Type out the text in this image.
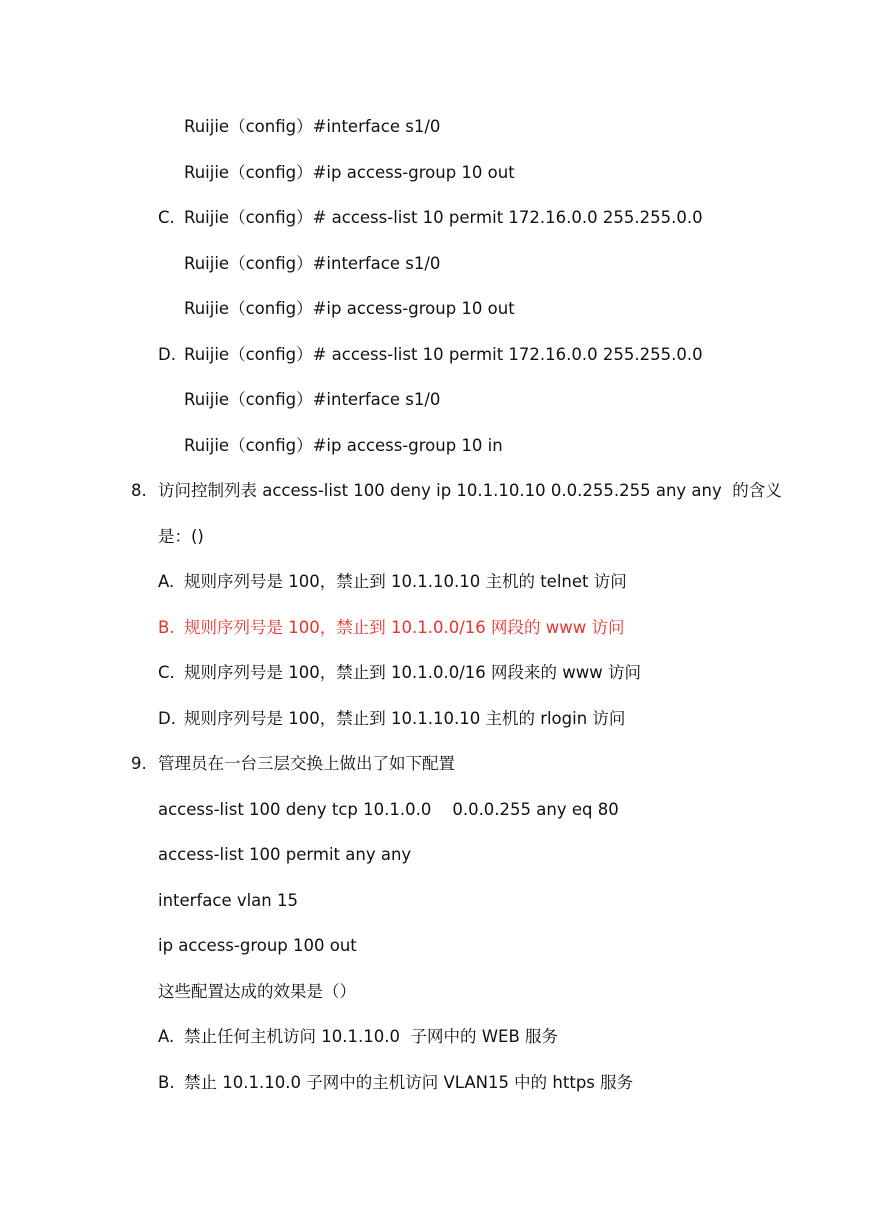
Ruijie（config）#interface s1/0
Ruijie（config）#ip access-group 10 out
C. Ruijie（config）# access-list 10 permit 172.16.0.0 255.255.0.0
Ruijie（config）#interface s1/0
Ruijie（config）#ip access-group 10 out
D. Ruijie（config）# access-list 10 permit 172.16.0.0 255.255.0.0
Ruijie（config）#interface s1/0
Ruijie（config）#ip access-group 10 in
8. 访问控制列表 access-list 100 deny ip 10.1.10.10 0.0.255.255 any any  的含义
是：()
A. 规则序列号是 100，禁止到 10.1.10.10 主机的 telnet 访问
B. 规则序列号是 100，禁止到 10.1.0.0/16 网段的 www 访问
C. 规则序列号是 100，禁止到 10.1.0.0/16 网段来的 www 访问
D. 规则序列号是 100，禁止到 10.1.10.10 主机的 rlogin 访问
9. 管理员在一台三层交换上做出了如下配置
access-list 100 deny tcp 10.1.0.0    0.0.0.255 any eq 80
access-list 100 permit any any
interface vlan 15
ip access-group 100 out
这些配置达成的效果是（）
A. 禁止任何主机访问 10.1.10.0  子网中的 WEB 服务
B. 禁止 10.1.10.0 子网中的主机访问 VLAN15 中的 https 服务
